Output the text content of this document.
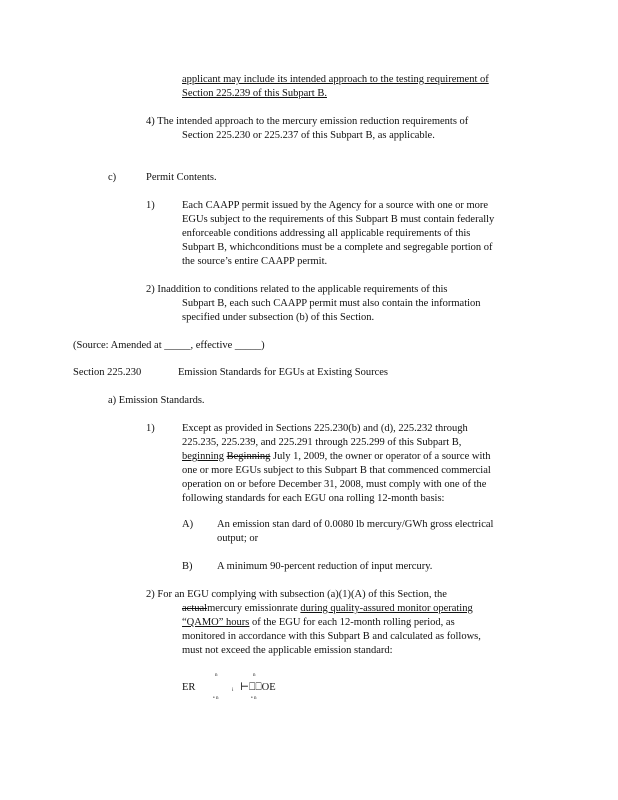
applicant may include its intended approach to the testing requirement of
Section 225.239 of this Subpart B.
4) The intended approach to the mercury emission reduction requirements of
Section 225.230 or 225.237 of this Subpart B, as applicable.
c)	Permit Contents.
1)	Each CAAPP permit issued by the Agency for a source with one or more
EGUs subject to the requirements of this Subpart B must contain federally
enforceable conditions addressing all applicable requirements of this
Subpart B, whichconditions must be a complete and segregable portion of
the source’s entire CAAPP permit.
2) Inaddition to conditions related to the applicable requirements of this
Subpart B, each such CAAPP permit must also contain the information
specified under subsection (b) of this Section.
(Source: Amended at _____, effective _____)
Section 225.230	Emission Standards for EGUs at Existing Sources
a) Emission Standards.
1)	Except as provided in Sections 225.230(b) and (d), 225.232 through
225.235, 225.239, and 225.291 through 225.299 of this Subpart B,
beginning Beginning July 1, 2009, the owner or operator of a source with
one or more EGUs subject to this Subpart B that commenced commercial
operation on or before December 31, 2008, must comply with one of the
following standards for each EGU ona rolling 12-month basis:
A) An emission stan dard of 0.0080 lb mercury/GWh gross electrical
output; or
B) A minimum 90-percent reduction of input mercury.
2) For an EGU complying with subsection (a)(1)(A) of this Section, the
actualmercury emissionrate during quality-assured monitor operating
“QAMO” hours of the EGU for each 12-month rolling period, as
monitored in accordance with this Subpart B and calculated as follows,
must not exceed the applicable emission standard:
ER
n
i
• n
n
• n
⊢⎕⎕OE
